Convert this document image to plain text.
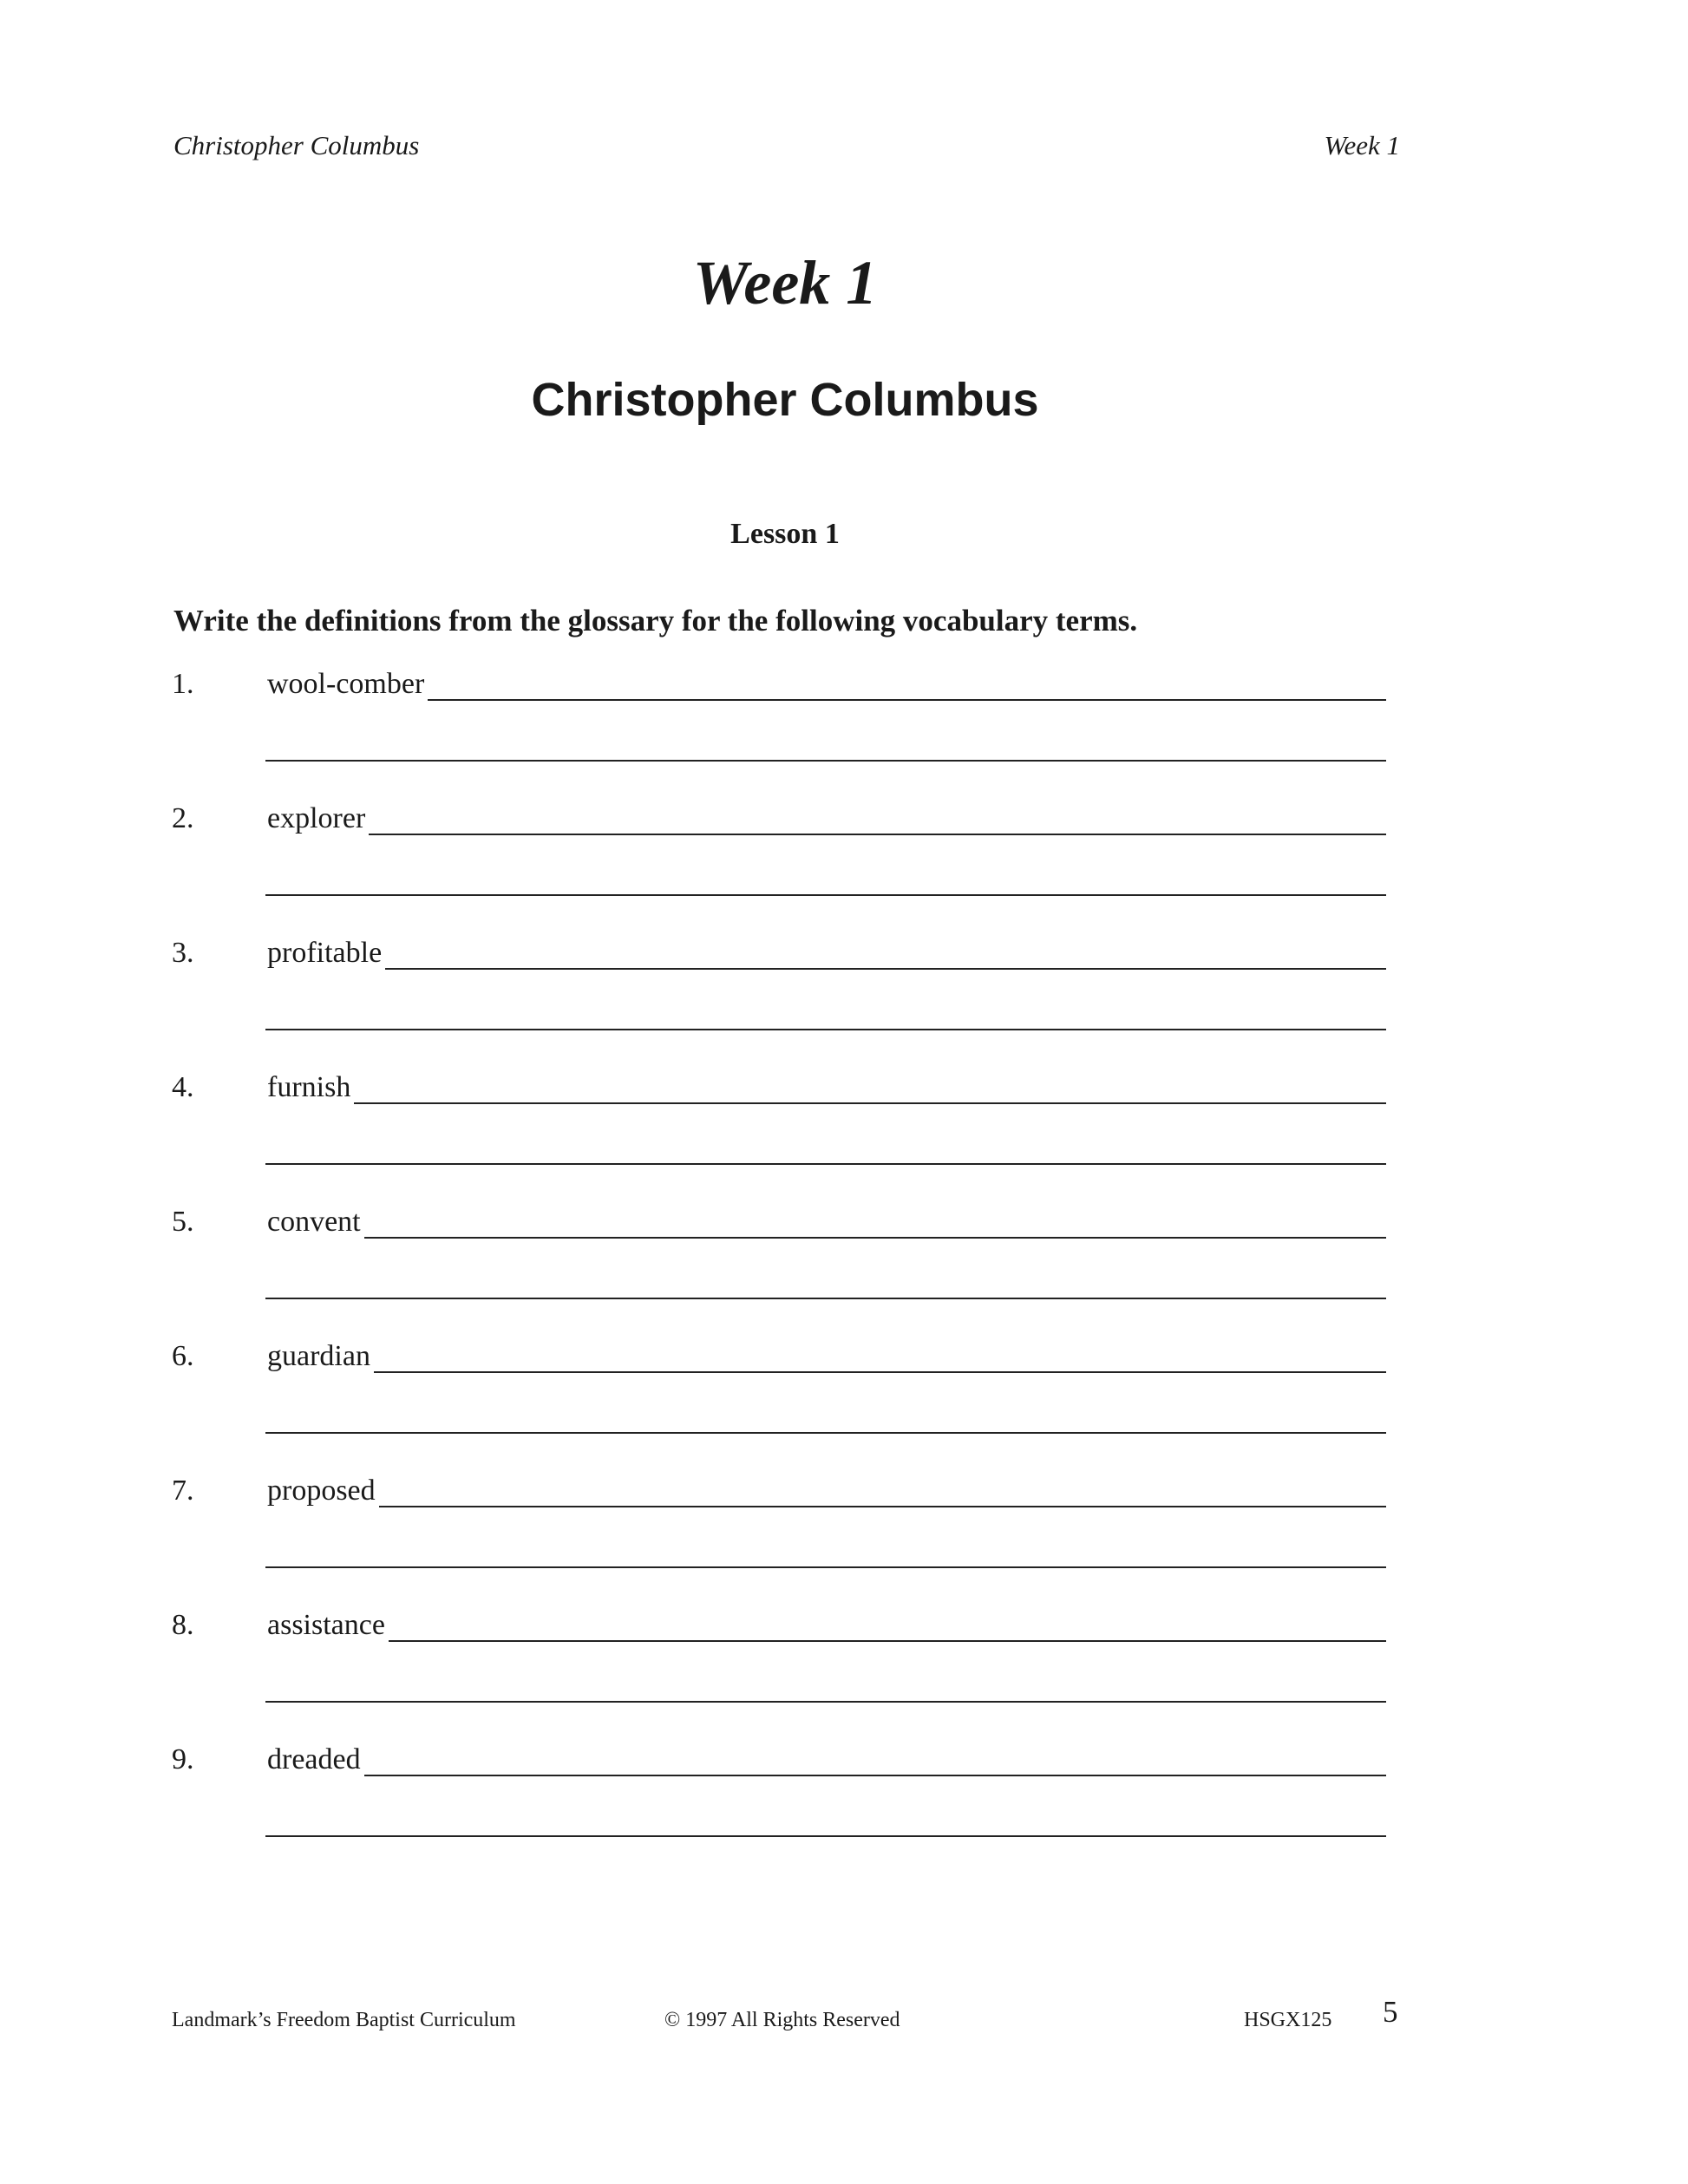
Christopher Columbus	Week 1
Week 1
Christopher Columbus
Lesson 1
Write the definitions from the glossary for the following vocabulary terms.
1. wool-comber
2. explorer
3. profitable
4. furnish
5. convent
6. guardian
7. proposed
8. assistance
9. dreaded
Landmark’s Freedom Baptist Curriculum	© 1997 All Rights Reserved	HSGX125 5
